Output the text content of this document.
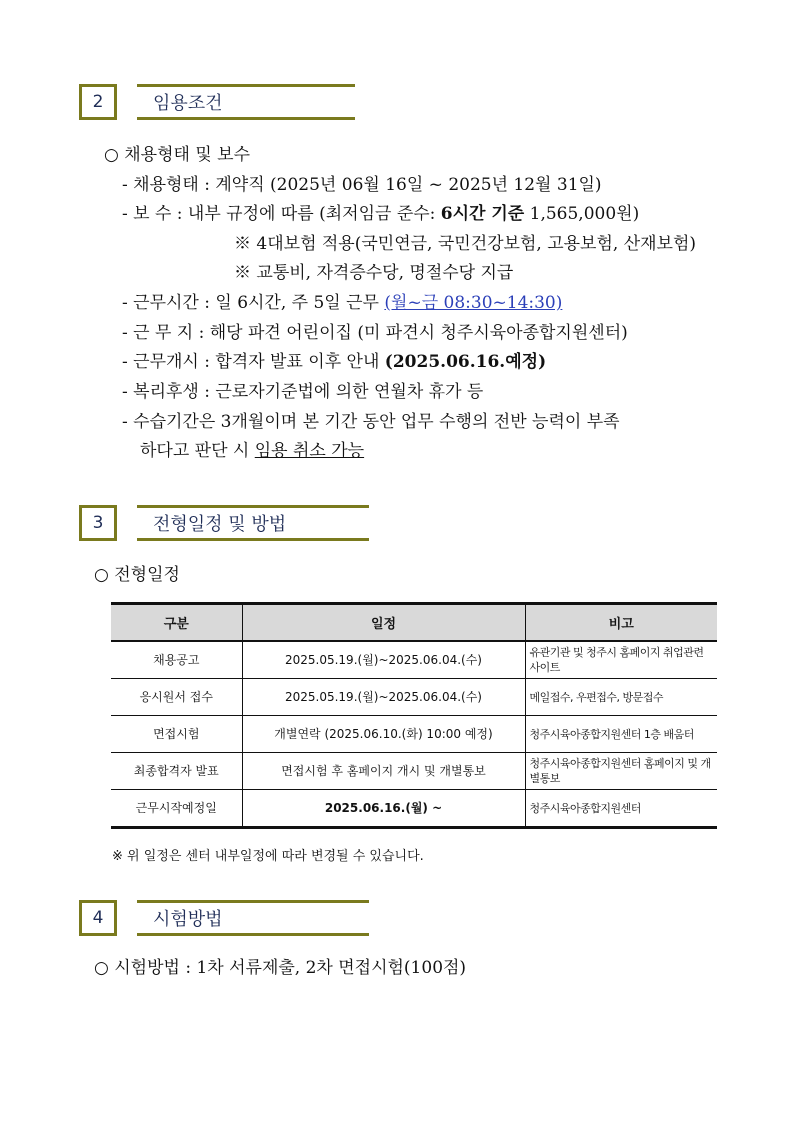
2	임용조건
○ 채용형태 및 보수
- 채용형태 : 계약직 (2025년 06월 16일 ~ 2025년 12월 31일)
- 보 수 : 내부 규정에 따름 (최저임금 준수: 6시간 기준 1,565,000원)
※ 4대보험 적용(국민연금, 국민건강보험, 고용보험, 산재보험)
※ 교통비, 자격증수당, 명절수당 지급
- 근무시간 : 일 6시간, 주 5일 근무 (월~금 08:30~14:30)
- 근 무 지 : 해당 파견 어린이집 (미 파견시 청주시육아종합지원센터)
- 근무개시 : 합격자 발표 이후 안내 (2025.06.16.예정)
- 복리후생 : 근로자기준법에 의한 연월차 휴가 등
- 수습기간은 3개월이며 본 기간 동안 업무 수행의 전반 능력이 부족
하다고 판단 시 임용 취소 가능
3	전형일정 및 방법
○ 전형일정
구분	일정	비고
채용공고	2025.05.19.(월)~2025.06.04.(수)	유관기관 및 청주시 홈페이지 취업관련사이트
응시원서 접수	2025.05.19.(월)~2025.06.04.(수)	메일접수, 우편접수, 방문접수
면접시험	개별연락 (2025.06.10.(화) 10:00 예정)	청주시육아종합지원센터 1층 배움터
최종합격자 발표	면접시험 후 홈페이지 개시 및 개별통보	청주시육아종합지원센터 홈페이지 및 개별통보
근무시작예정일	2025.06.16.(월) ~	청주시육아종합지원센터
※ 위 일정은 센터 내부일정에 따라 변경될 수 있습니다.
4	시험방법
○ 시험방법 : 1차 서류제출, 2차 면접시험(100점)
